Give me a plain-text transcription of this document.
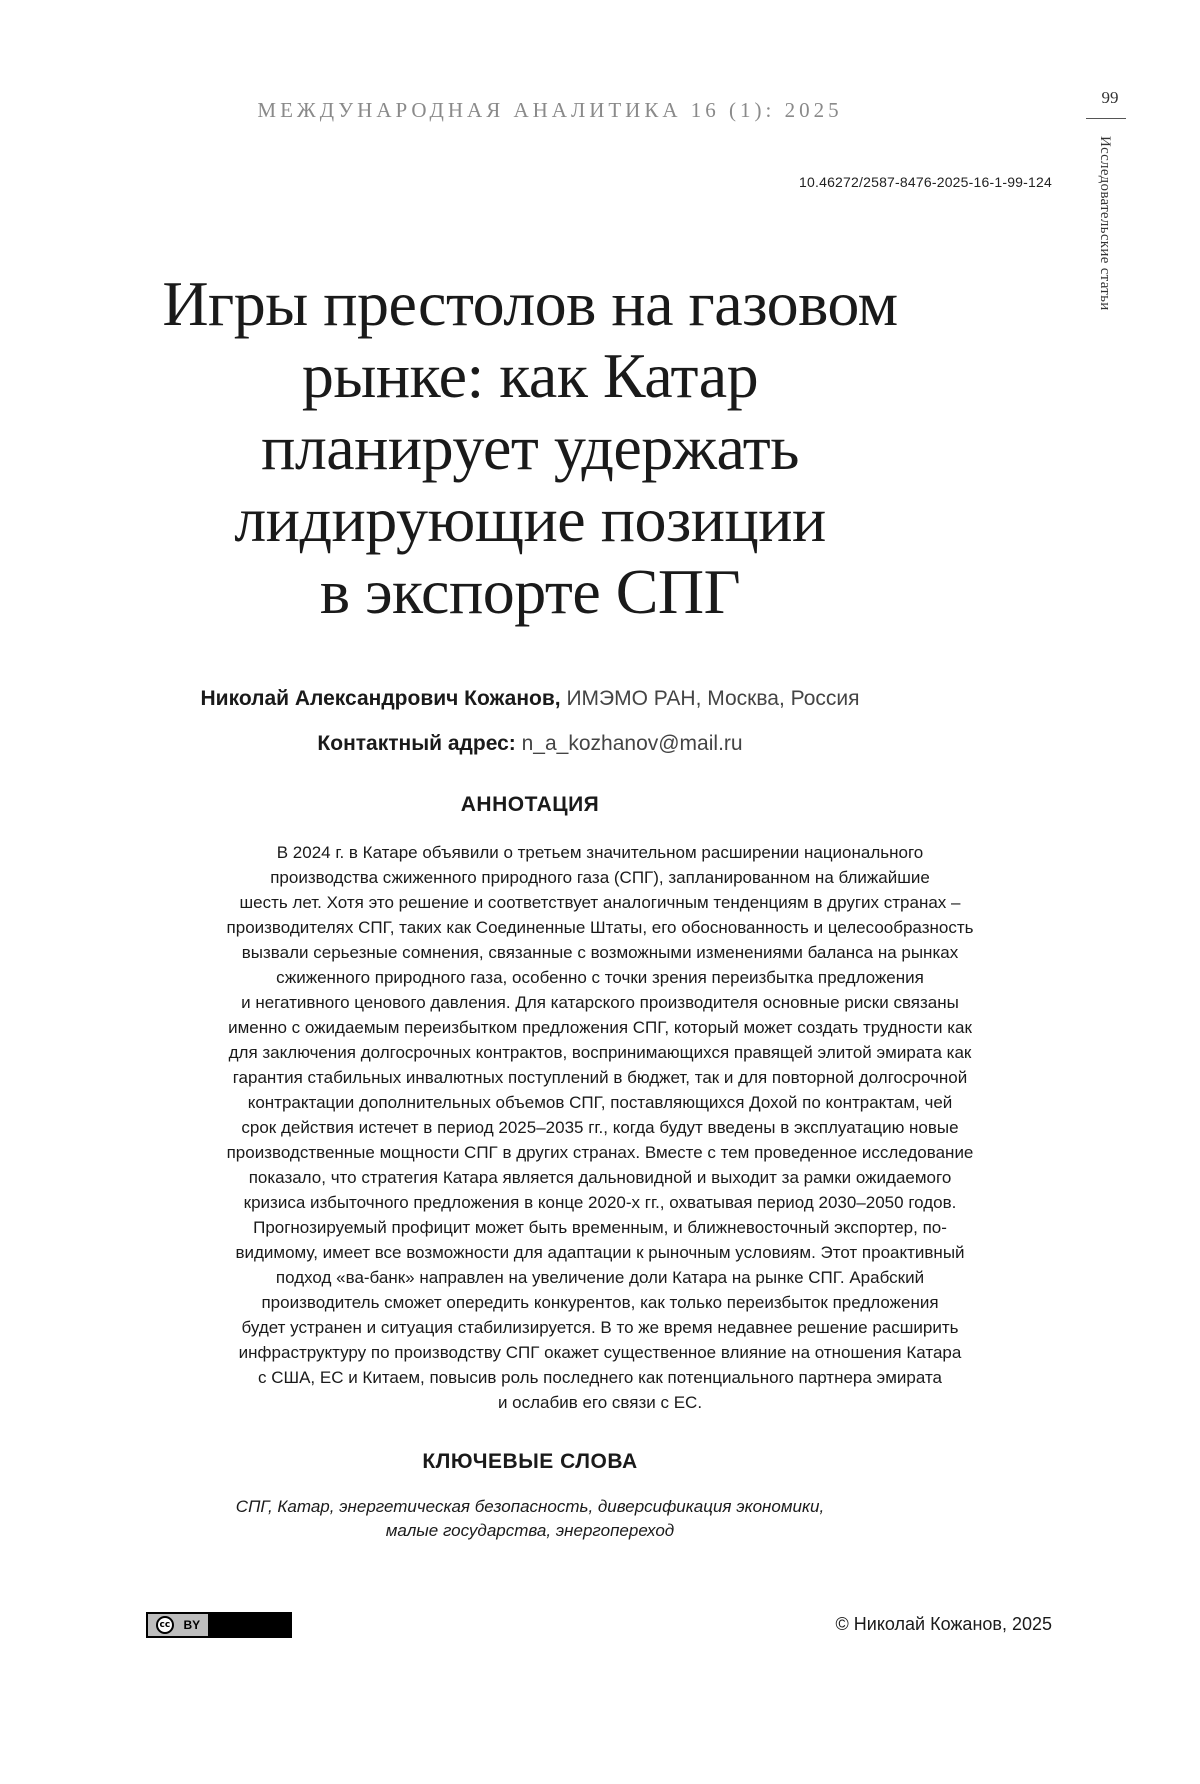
МЕЖДУНАРОДНАЯ АНАЛИТИКА 16 (1): 2025
99
Исследовательские статьи
10.46272/2587-8476-2025-16-1-99-124
Игры престолов на газовом
рынке: как Катар
планирует удержать
лидирующие позиции
в экспорте СПГ
Николай Александрович Кожанов, ИМЭМО РАН, Москва, Россия
Контактный адрес: n_a_kozhanov@mail.ru
АННОТАЦИЯ
В 2024 г. в Катаре объявили о третьем значительном расширении национального
производства сжиженного природного газа (СПГ), запланированном на ближайшие
шесть лет. Хотя это решение и соответствует аналогичным тенденциям в других странах –
производителях СПГ, таких как Соединенные Штаты, его обоснованность и целесообразность
вызвали серьезные сомнения, связанные с возможными изменениями баланса на рынках
сжиженного природного газа, особенно с точки зрения переизбытка предложения
и негативного ценового давления. Для катарского производителя основные риски связаны
именно с ожидаемым переизбытком предложения СПГ, который может создать трудности как
для заключения долгосрочных контрактов, воспринимающихся правящей элитой эмирата как
гарантия стабильных инвалютных поступлений в бюджет, так и для повторной долгосрочной
контрактации дополнительных объемов СПГ, поставляющихся Дохой по контрактам, чей
срок действия истечет в период 2025–2035 гг., когда будут введены в эксплуатацию новые
производственные мощности СПГ в других странах. Вместе с тем проведенное исследование
показало, что стратегия Катара является дальновидной и выходит за рамки ожидаемого
кризиса избыточного предложения в конце 2020-х гг., охватывая период 2030–2050 годов.
Прогнозируемый профицит может быть временным, и ближневосточный экспортер, по-
видимому, имеет все возможности для адаптации к рыночным условиям. Этот проактивный
подход «ва-банк» направлен на увеличение доли Катара на рынке СПГ. Арабский
производитель сможет опередить конкурентов, как только переизбыток предложения
будет устранен и ситуация стабилизируется. В то же время недавнее решение расширить
инфраструктуру по производству СПГ окажет существенное влияние на отношения Катара
с США, ЕС и Китаем, повысив роль последнего как потенциального партнера эмирата
и ослабив его связи с ЕС.
КЛЮЧЕВЫЕ СЛОВА
СПГ, Катар, энергетическая безопасность, диверсификация экономики,
малые государства, энергопереход
cc	BY	© Николай Кожанов, 2025
